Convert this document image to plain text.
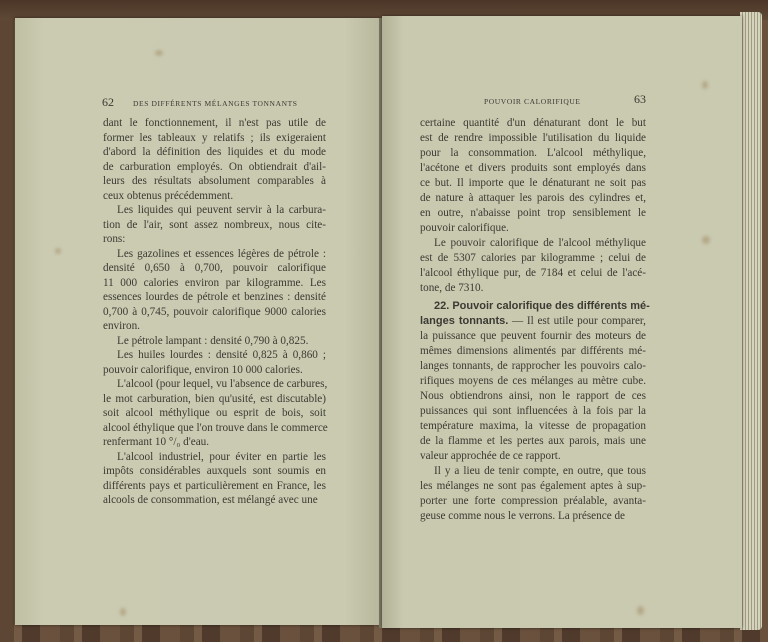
62	DES DIFFÉRENTS MÉLANGES TONNANTS	POUVOIR CALORIFIQUE	63
dant le fonctionnement, il n'est pas utile de
former les tableaux y relatifs ; ils exigeraient
d'abord la définition des liquides et du mode
de carburation employés. On obtiendrait d'ail-
leurs des résultats absolument comparables à
ceux obtenus précédemment.
Les liquides qui peuvent servir à la carbura-
tion de l'air, sont assez nombreux, nous cite-
rons:
Les gazolines et essences légères de pétrole :
densité 0,650 à 0,700, pouvoir calorifique
11 000 calories environ par kilogramme. Les
essences lourdes de pétrole et benzines : densité
0,700 à 0,745, pouvoir calorifique 9000 calories
environ.
Le pétrole lampant : densité 0,790 à 0,825.
Les huiles lourdes : densité 0,825 à 0,860 ;
pouvoir calorifique, environ 10 000 calories.
L'alcool (pour lequel, vu l'absence de carbures,
le mot carburation, bien qu'usité, est discutable)
soit alcool méthylique ou esprit de bois, soit
alcool éthylique que l'on trouve dans le commerce
renfermant 10 °/₀ d'eau.
L'alcool industriel, pour éviter en partie les
impôts considérables auxquels sont soumis en
différents pays et particulièrement en France, les
alcools de consommation, est mélangé avec une
certaine quantité d'un dénaturant dont le but
est de rendre impossible l'utilisation du liquide
pour la consommation. L'alcool méthylique,
l'acétone et divers produits sont employés dans
ce but. Il importe que le dénaturant ne soit pas
de nature à attaquer les parois des cylindres et,
en outre, n'abaisse point trop sensiblement le
pouvoir calorifique.
Le pouvoir calorifique de l'alcool méthylique
est de 5307 calories par kilogramme ; celui de
l'alcool éthylique pur, de 7184 et celui de l'acé-
tone, de 7310.
22. Pouvoir calorifique des différents mé-
langes tonnants. — Il est utile pour comparer,
la puissance que peuvent fournir des moteurs de
mêmes dimensions alimentés par différents mé-
langes tonnants, de rapprocher les pouvoirs calo-
rifiques moyens de ces mélanges au mètre cube.
Nous obtiendrons ainsi, non le rapport de ces
puissances qui sont influencées à la fois par la
température maxima, la vitesse de propagation
de la flamme et les pertes aux parois, mais une
valeur approchée de ce rapport.
Il y a lieu de tenir compte, en outre, que tous
les mélanges ne sont pas également aptes à sup-
porter une forte compression préalable, avanta-
geuse comme nous le verrons. La présence de
